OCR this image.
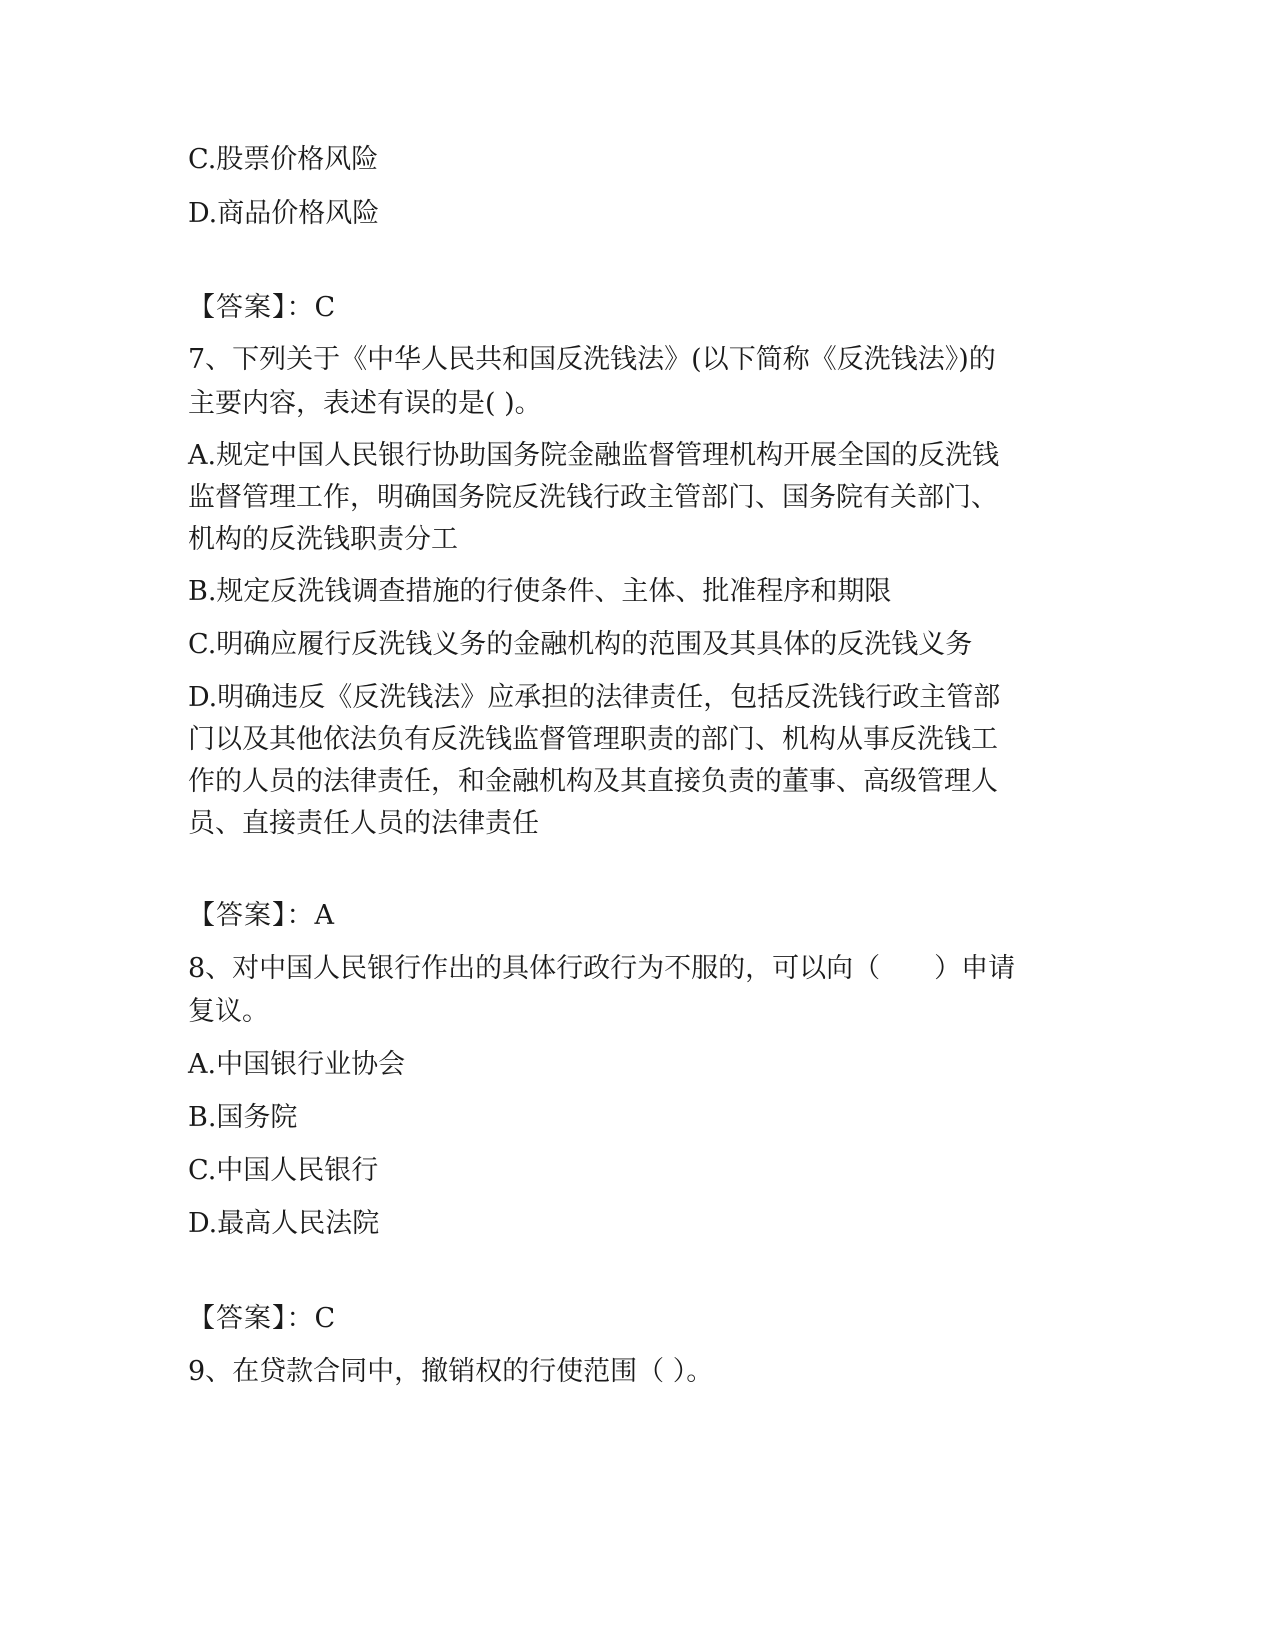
C.股票价格风险
D.商品价格风险
【答案】：C
7、下列关于《中华人民共和国反洗钱法》(以下简称《反洗钱法》)的
主要内容，表述有误的是( )。
A.规定中国人民银行协助国务院金融监督管理机构开展全国的反洗钱
监督管理工作，明确国务院反洗钱行政主管部门、国务院有关部门、
机构的反洗钱职责分工
B.规定反洗钱调查措施的行使条件、主体、批准程序和期限
C.明确应履行反洗钱义务的金融机构的范围及其具体的反洗钱义务
D.明确违反《反洗钱法》应承担的法律责任，包括反洗钱行政主管部
门以及其他依法负有反洗钱监督管理职责的部门、机构从事反洗钱工
作的人员的法律责任，和金融机构及其直接负责的董事、高级管理人
员、直接责任人员的法律责任
【答案】：A
8、对中国人民银行作出的具体行政行为不服的，可以向（　　）申请
复议。
A.中国银行业协会
B.国务院
C.中国人民银行
D.最高人民法院
【答案】：C
9、在贷款合同中，撤销权的行使范围（ ）。
